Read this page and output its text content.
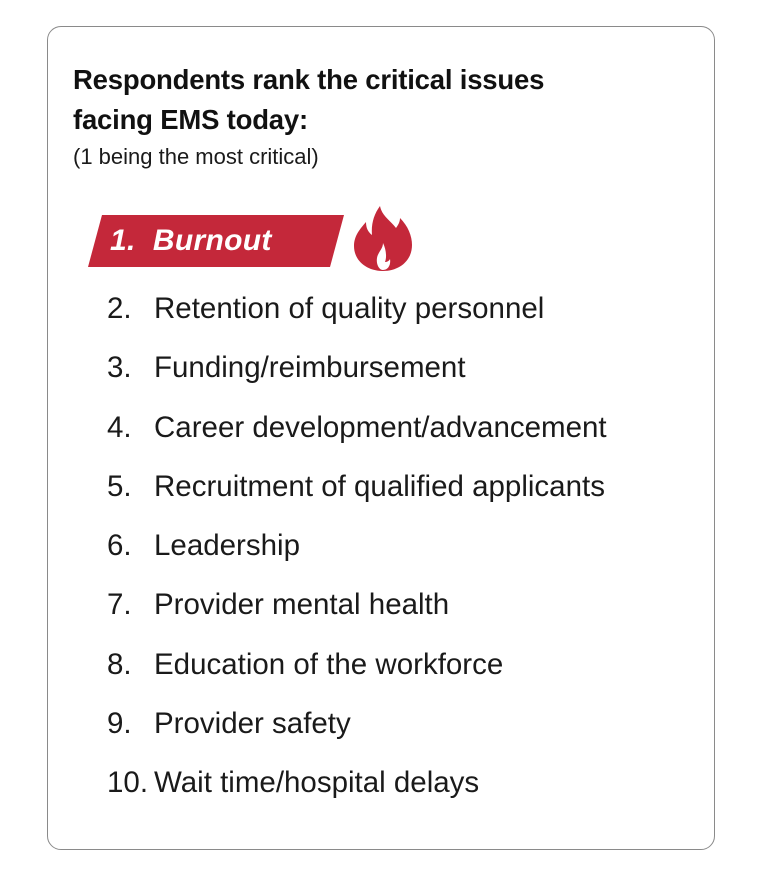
Respondents rank the critical issues
facing EMS today:
(1 being the most critical)
1.  Burnout
2. Retention of quality personnel
3. Funding/reimbursement
4. Career development/advancement
5. Recruitment of qualified applicants
6. Leadership
7. Provider mental health
8. Education of the workforce
9. Provider safety
10. Wait time/hospital delays
